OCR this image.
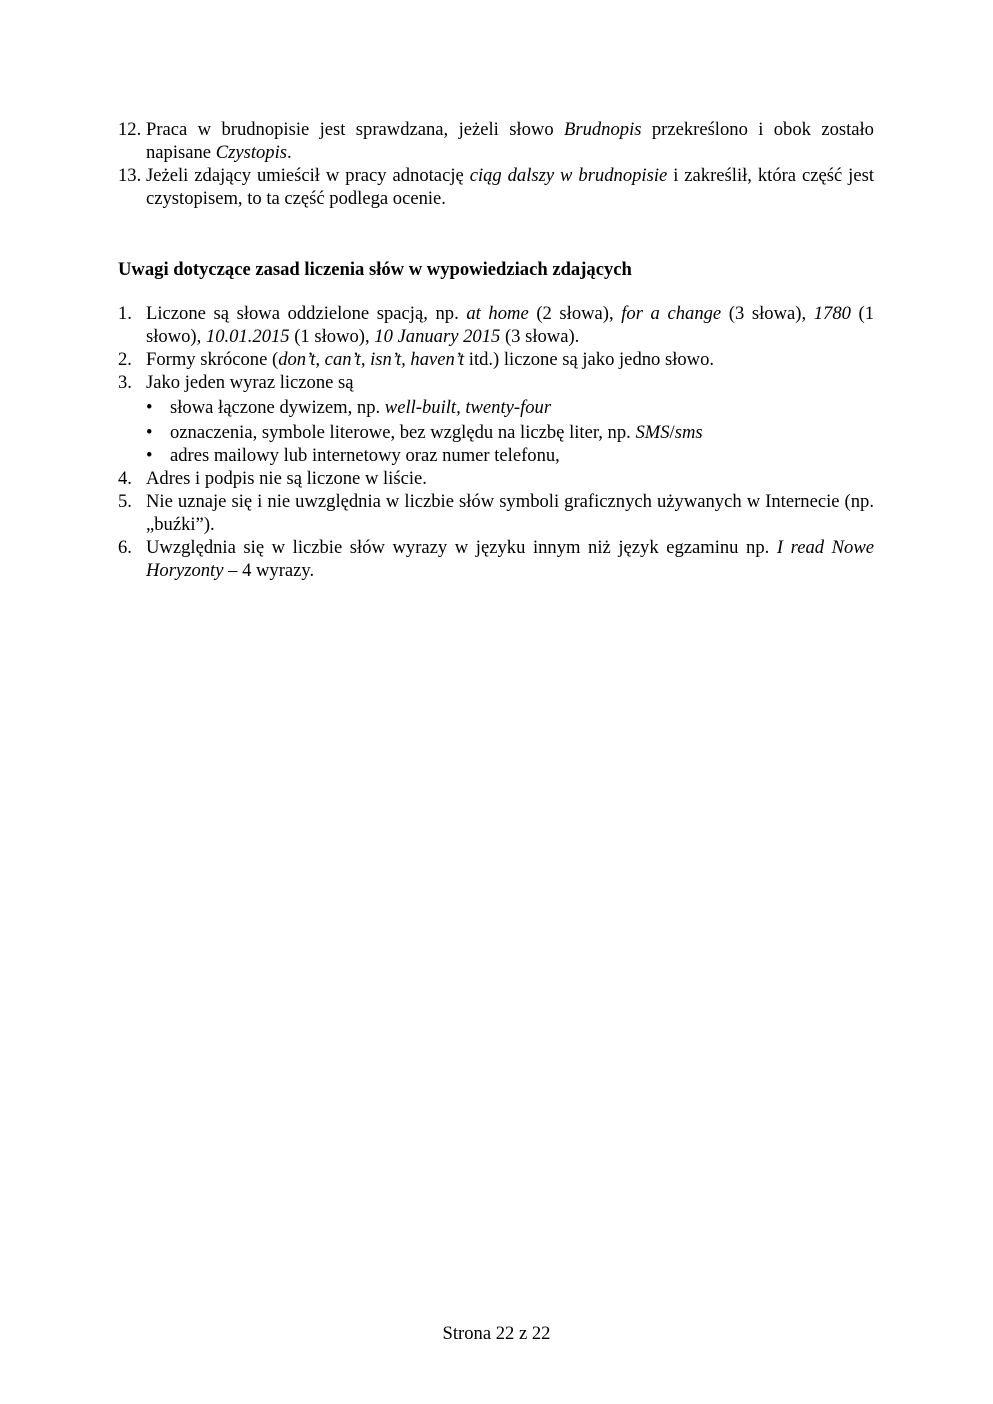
12. Praca w brudnopisie jest sprawdzana, jeżeli słowo Brudnopis przekreślono i obok zostało napisane Czystopis.
13. Jeżeli zdający umieścił w pracy adnotację ciąg dalszy w brudnopisie i zakreślił, która część jest czystopisem, to ta część podlega ocenie.
Uwagi dotyczące zasad liczenia słów w wypowiedziach zdających
1. Liczone są słowa oddzielone spacją, np. at home (2 słowa), for a change (3 słowa), 1780 (1 słowo), 10.01.2015 (1 słowo), 10 January 2015 (3 słowa).
2. Formy skrócone (don’t, can’t, isn’t, haven’t itd.) liczone są jako jedno słowo.
3. Jako jeden wyraz liczone są
• słowa łączone dywizem, np. well-built, twenty-four
• oznaczenia, symbole literowe, bez względu na liczbę liter, np. SMS/sms
• adres mailowy lub internetowy oraz numer telefonu,
4. Adres i podpis nie są liczone w liście.
5. Nie uznaje się i nie uwzględnia w liczbie słów symboli graficznych używanych w Internecie (np. „buźki”).
6. Uwzględnia się w liczbie słów wyrazy w języku innym niż język egzaminu np. I read Nowe Horyzonty – 4 wyrazy.
Strona 22 z 22
